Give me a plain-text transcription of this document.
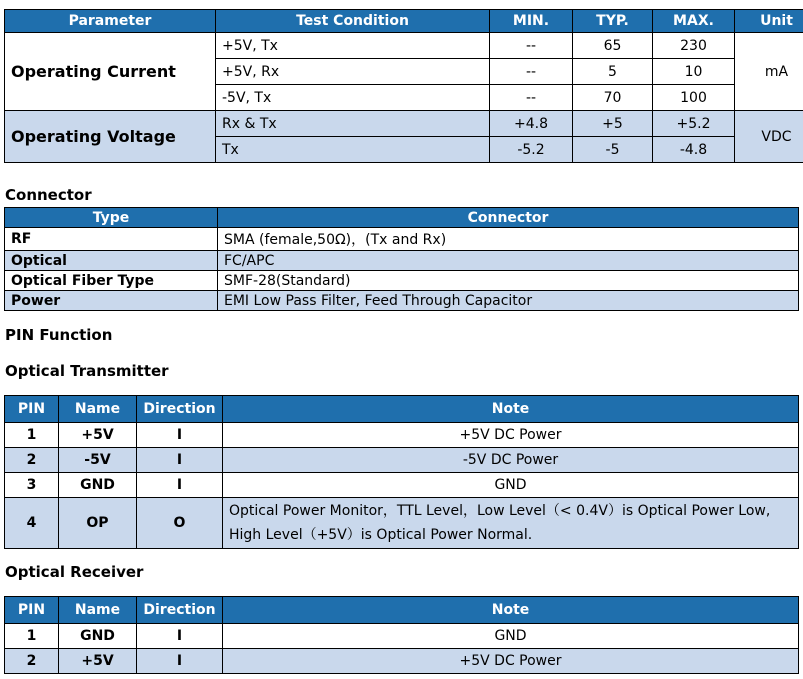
Parameter	Test Condition	MIN.	TYP.	MAX.	Unit
Operating Current	+5V, Tx	--	65	230	mA
	+5V, Rx	--	5	10	
	-5V, Tx	--	70	100	
Operating Voltage	Rx & Tx	+4.8	+5	+5.2	VDC
	Tx	-5.2	-5	-4.8	
Connector
Type	Connector
RF	SMA (female,50Ω)，(Tx and Rx)
Optical	FC/APC
Optical Fiber Type	SMF-28(Standard)
Power	EMI Low Pass Filter, Feed Through Capacitor
PIN Function
Optical Transmitter
PIN	Name	Direction	Note
1	+5V	I	+5V DC Power
2	-5V	I	-5V DC Power
3	GND	I	GND
4	OP	O	Optical Power Monitor，TTL Level，Low Level（< 0.4V）is Optical Power Low, High Level（+5V）is Optical Power Normal.
Optical Receiver
PIN	Name	Direction	Note
1	GND	I	GND
2	+5V	I	+5V DC Power
